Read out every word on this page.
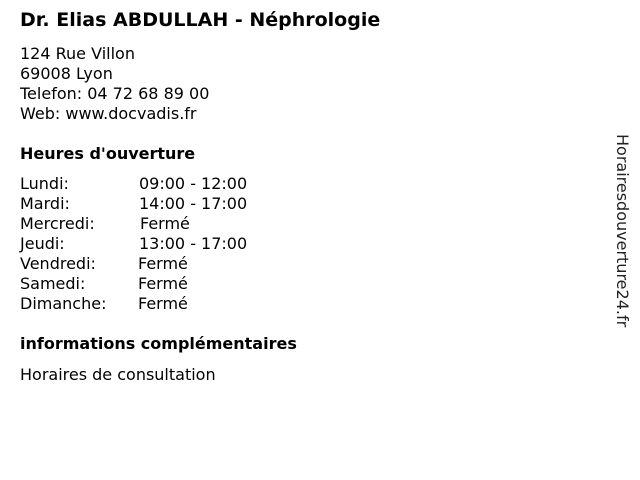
Dr. Elias ABDULLAH - Néphrologie
124 Rue Villon
69008 Lyon
Telefon: 04 72 68 89 00
Web: www.docvadis.fr
Heures d'ouverture
Lundi:	09:00 - 12:00
Mardi:	14:00 - 17:00
Mercredi:	Fermé
Jeudi:	13:00 - 17:00
Vendredi:	Fermé
Samedi:	Fermé
Dimanche: Fermé
informations complémentaires
Horaires de consultation
Horairesdouverture24.fr
